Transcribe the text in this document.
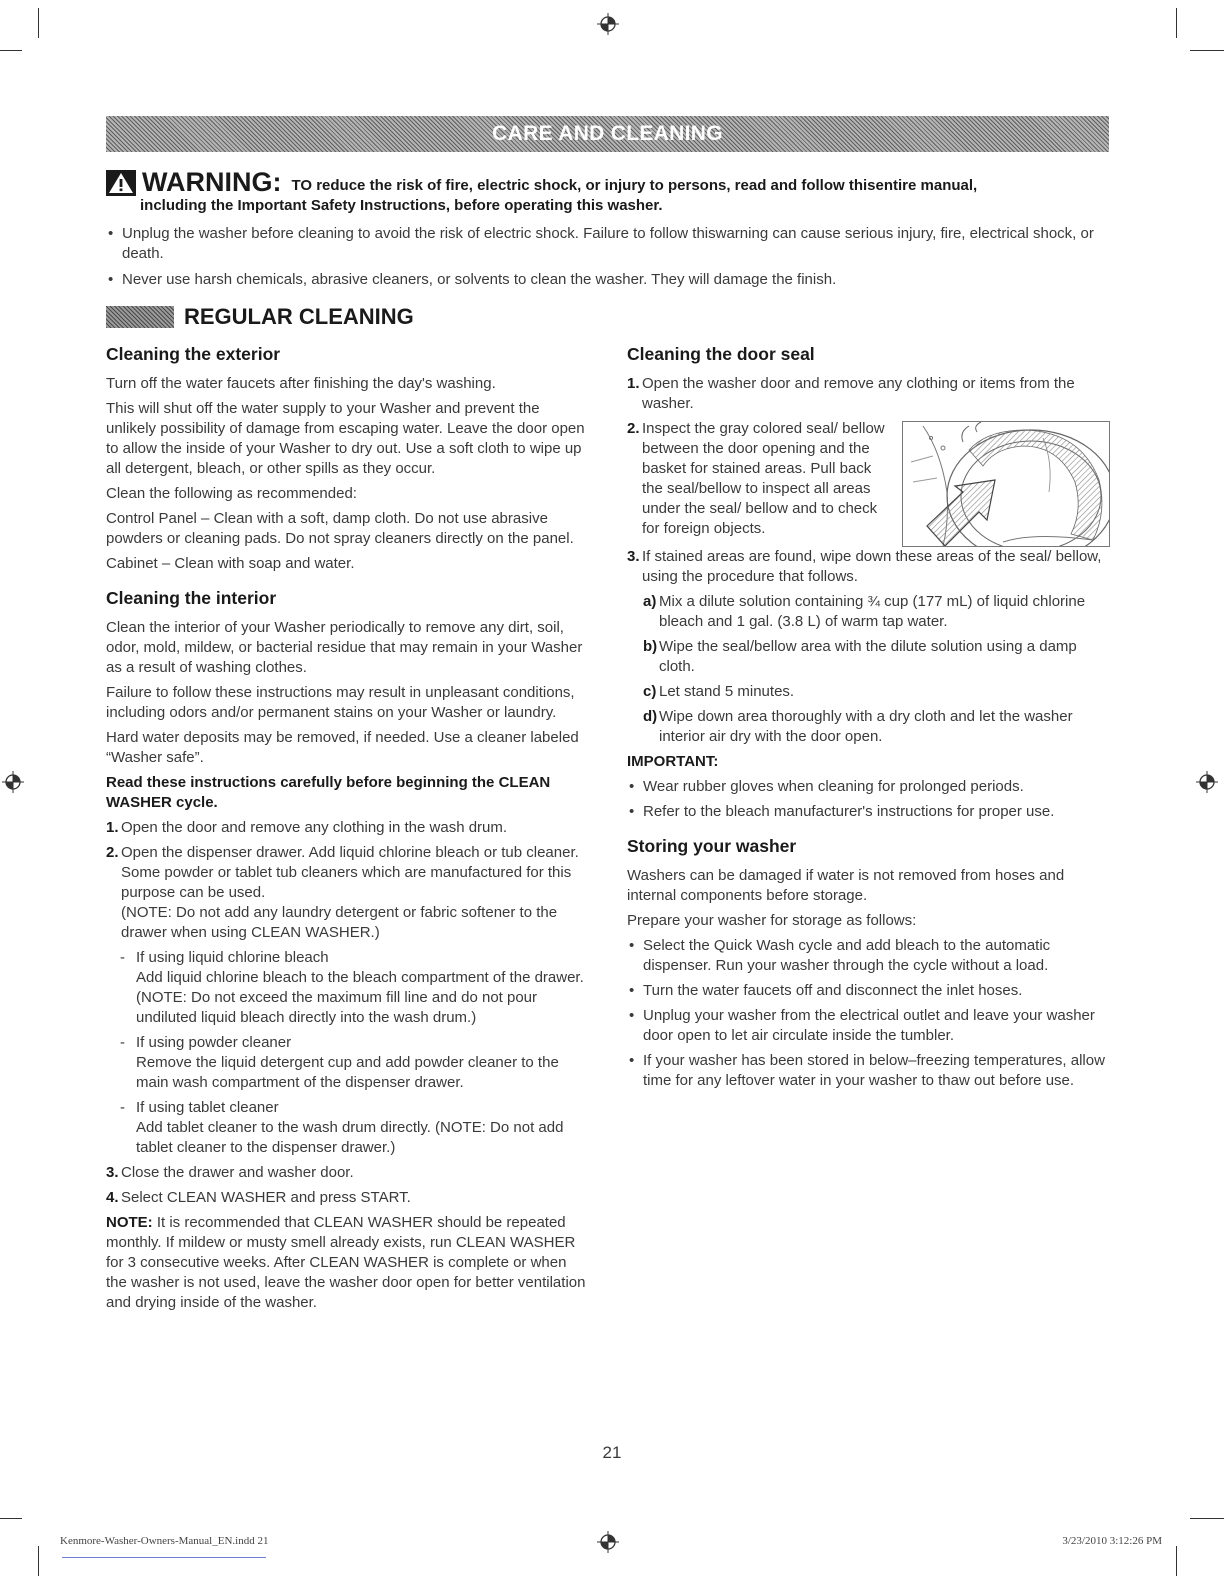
CARE AND CLEANING
WARNING: TO reduce the risk of fire, electric shock, or injury to persons, read and follow thisentire manual,
including the Important Safety Instructions, before operating this washer.
• Unplug the washer before cleaning to avoid the risk of electric shock. Failure to follow thiswarning can cause serious injury, fire, electrical shock, or death.
• Never use harsh chemicals, abrasive cleaners, or solvents to clean the washer. They will damage the finish.
REGULAR CLEANING
Cleaning the exterior

Turn off the water faucets after finishing the day's washing.

This will shut off the water supply to your Washer and prevent the unlikely possibility of damage from escaping water. Leave the door open to allow the inside of your Washer to dry out. Use a soft cloth to wipe up all detergent, bleach, or other spills as they occur.

Clean the following as recommended:

Control Panel – Clean with a soft, damp cloth. Do not use abrasive powders or cleaning pads. Do not spray cleaners directly on the panel.

Cabinet – Clean with soap and water.

Cleaning the interior

Clean the interior of your Washer periodically to remove any dirt, soil, odor, mold, mildew, or bacterial residue that may remain in your Washer as a result of washing clothes.

Failure to follow these instructions may result in unpleasant conditions, including odors and/or permanent stains on your Washer or laundry.

Hard water deposits may be removed, if needed. Use a cleaner labeled “Washer safe”.

Read these instructions carefully before beginning the CLEAN WASHER cycle.

1. Open the door and remove any clothing in the wash drum.
2. Open the dispenser drawer. Add liquid chlorine bleach or tub cleaner.
Some powder or tablet tub cleaners which are manufactured for this purpose can be used.
(NOTE: Do not add any laundry detergent or fabric softener to the drawer when using CLEAN WASHER.)
- If using liquid chlorine bleach
Add liquid chlorine bleach to the bleach compartment of the drawer.(NOTE: Do not exceed the maximum fill line and do not pour undiluted liquid bleach directly into the wash drum.)
- If using powder cleaner
Remove the liquid detergent cup and add powder cleaner to the main wash compartment of the dispenser drawer.
- If using tablet cleaner
Add tablet cleaner to the wash drum directly. (NOTE: Do not add tablet cleaner to the dispenser drawer.)
3. Close the drawer and washer door.
4. Select CLEAN WASHER and press START.

NOTE: It is recommended that CLEAN WASHER should be repeated monthly. If mildew or musty smell already exists, run CLEAN WASHER for 3 consecutive weeks. After CLEAN WASHER is complete or when the washer is not used, leave the washer door open for better ventilation and drying inside of the washer.

Cleaning the door seal
1. Open the washer door and remove any clothing or items from the washer.
2. Inspect the gray colored seal/ bellow between the door opening and the basket for stained areas. Pull back the seal/bellow to inspect all areas under the seal/ bellow and to check for foreign objects.
3. If stained areas are found, wipe down these areas of the seal/ bellow, using the procedure that follows.
a) Mix a dilute solution containing ¾ cup (177 mL) of liquid chlorine bleach and 1 gal. (3.8 L) of warm tap water.
b) Wipe the seal/bellow area with the dilute solution using a damp cloth.
c) Let stand 5 minutes.
d) Wipe down area thoroughly with a dry cloth and let the washer interior air dry with the door open.

IMPORTANT:

• Wear rubber gloves when cleaning for prolonged periods.
• Refer to the bleach manufacturer's instructions for proper use.
Storing your washer

Washers can be damaged if water is not removed from hoses and internal components before storage.

Prepare your washer for storage as follows:

• Select the Quick Wash cycle and add bleach to the automatic dispenser. Run your washer through the cycle without a load.
• Turn the water faucets off and disconnect the inlet hoses.
• Unplug your washer from the electrical outlet and leave your washer door open to let air circulate inside the tumbler.
• If your washer has been stored in below–freezing temperatures, allow time for any leftover water in your washer to thaw out before use.
21
Kenmore-Washer-Owners-Manual_EN.indd 21	3/23/2010 3:12:26 PM
